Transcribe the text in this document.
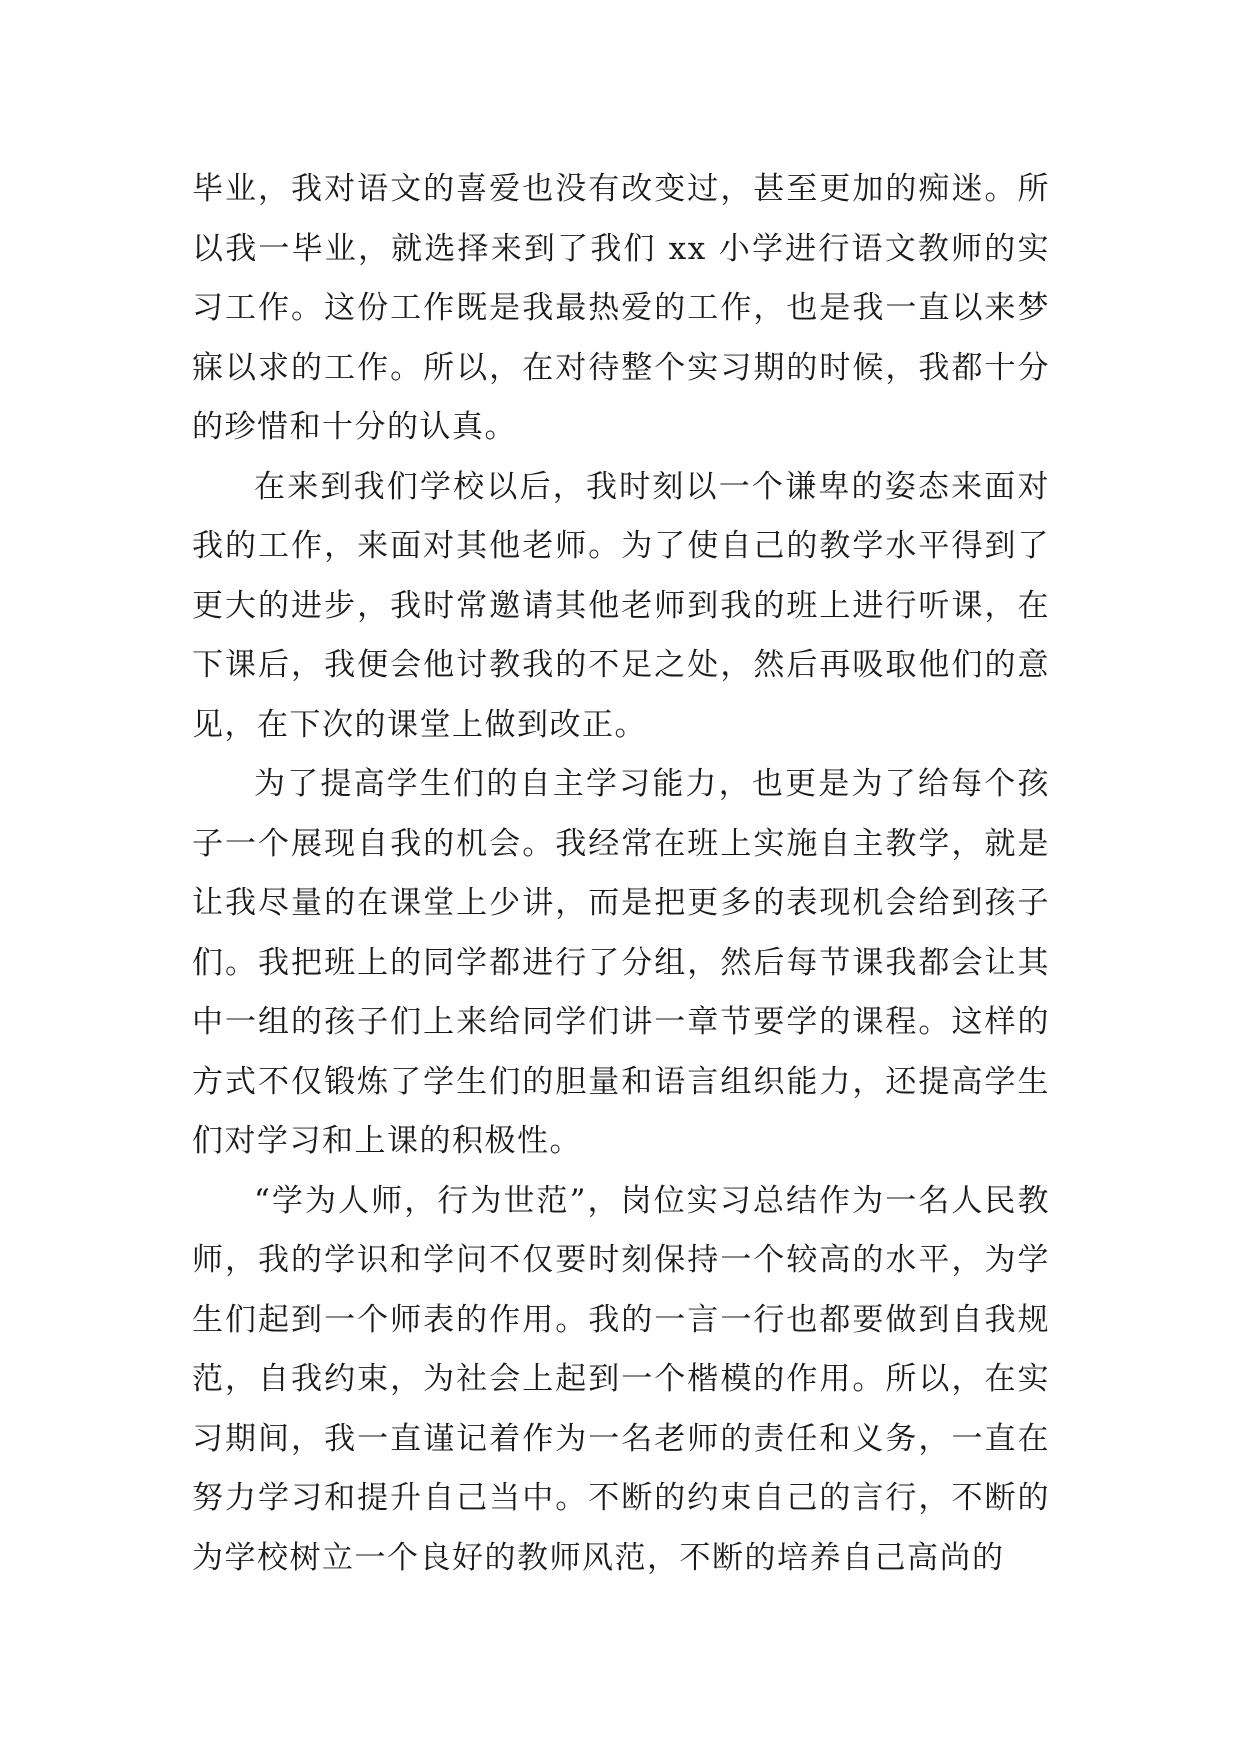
毕业，我对语文的喜爱也没有改变过，甚至更加的痴迷。所以我一毕业，就选择来到了我们 xx 小学进行语文教师的实习工作。这份工作既是我最热爱的工作，也是我一直以来梦寐以求的工作。所以，在对待整个实习期的时候，我都十分的珍惜和十分的认真。

在来到我们学校以后，我时刻以一个谦卑的姿态来面对我的工作，来面对其他老师。为了使自己的教学水平得到了更大的进步，我时常邀请其他老师到我的班上进行听课，在下课后，我便会他讨教我的不足之处，然后再吸取他们的意见，在下次的课堂上做到改正。

为了提高学生们的自主学习能力，也更是为了给每个孩子一个展现自我的机会。我经常在班上实施自主教学，就是让我尽量的在课堂上少讲，而是把更多的表现机会给到孩子们。我把班上的同学都进行了分组，然后每节课我都会让其中一组的孩子们上来给同学们讲一章节要学的课程。这样的方式不仅锻炼了学生们的胆量和语言组织能力，还提高学生们对学习和上课的积极性。

“学为人师，行为世范”，岗位实习总结作为一名人民教师，我的学识和学问不仅要时刻保持一个较高的水平，为学生们起到一个师表的作用。我的一言一行也都要做到自我规范，自我约束，为社会上起到一个楷模的作用。所以，在实习期间，我一直谨记着作为一名老师的责任和义务，一直在努力学习和提升自己当中。不断的约束自己的言行，不断的为学校树立一个良好的教师风范，不断的培养自己高尚的
